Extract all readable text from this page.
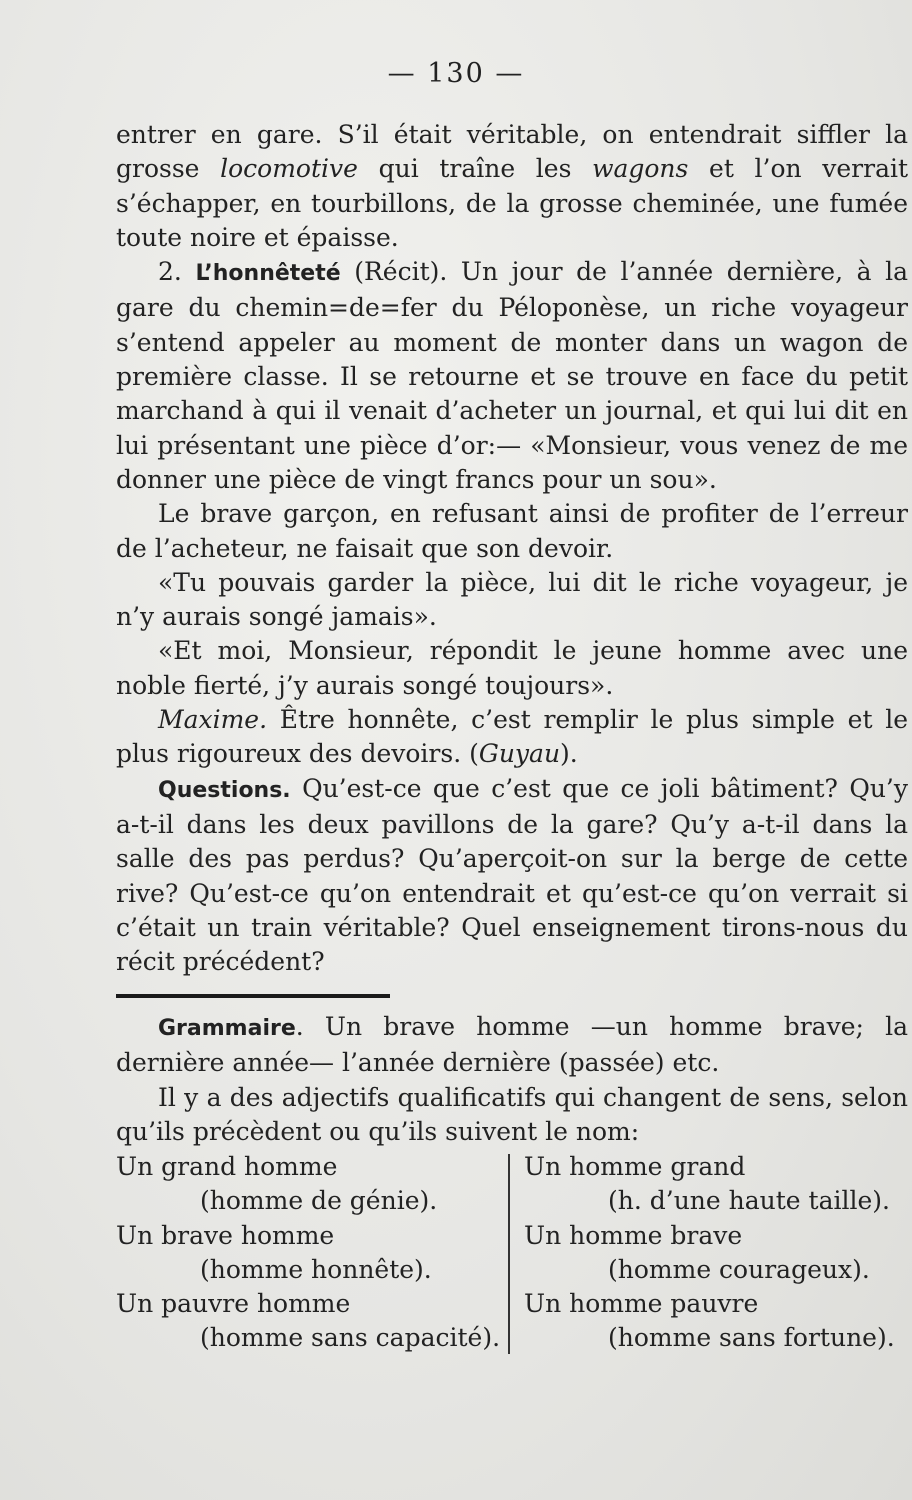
— 130 —

entrer en gare. S’il était véritable, on entendrait siffler la grosse locomotive qui traîne les wagons et l’on verrait s’échapper, en tourbillons, de la grosse cheminée, une fumée toute noire et épaisse.

2. L’honnêteté (Récit). Un jour de l’année dernière, à la gare du chemin=de=fer du Péloponèse, un riche voyageur s’entend appeler au moment de monter dans un wagon de première classe. Il se retourne et se trouve en face du petit marchand à qui il venait d’acheter un journal, et qui lui dit en lui présentant une pièce d’or:— «Monsieur, vous venez de me donner une pièce de vingt francs pour un sou».

Le brave garçon, en refusant ainsi de profiter de l’erreur de l’acheteur, ne faisait que son devoir.

«Tu pouvais garder la pièce, lui dit le riche voyageur, je n’y aurais songé jamais».

«Et moi, Monsieur, répondit le jeune homme avec une noble fierté, j’y aurais songé toujours».

Maxime. Être honnête, c’est remplir le plus simple et le plus rigoureux des devoirs. (Guyau).

Questions. Qu’est-ce que c’est que ce joli bâtiment? Qu’y a-t-il dans les deux pavillons de la gare? Qu’y a-t-il dans la salle des pas perdus? Qu’aperçoit-on sur la berge de cette rive? Qu’est-ce qu’on entendrait et qu’est-ce qu’on verrait si c’était un train véritable? Quel enseignement tirons-nous du récit précédent?

Grammaire. Un brave homme —un homme brave; la dernière année— l’année dernière (passée) etc.

Il y a des adjectifs qualificatifs qui changent de sens, selon qu’ils précèdent ou qu’ils suivent le nom:

Un grand homme
(homme de génie).
Un brave homme
(homme honnête).
Un pauvre homme
(homme sans capacité).
Un homme grand
(h. d’une haute taille).
Un homme brave
(homme courageux).
Un homme pauvre
(homme sans fortune).
